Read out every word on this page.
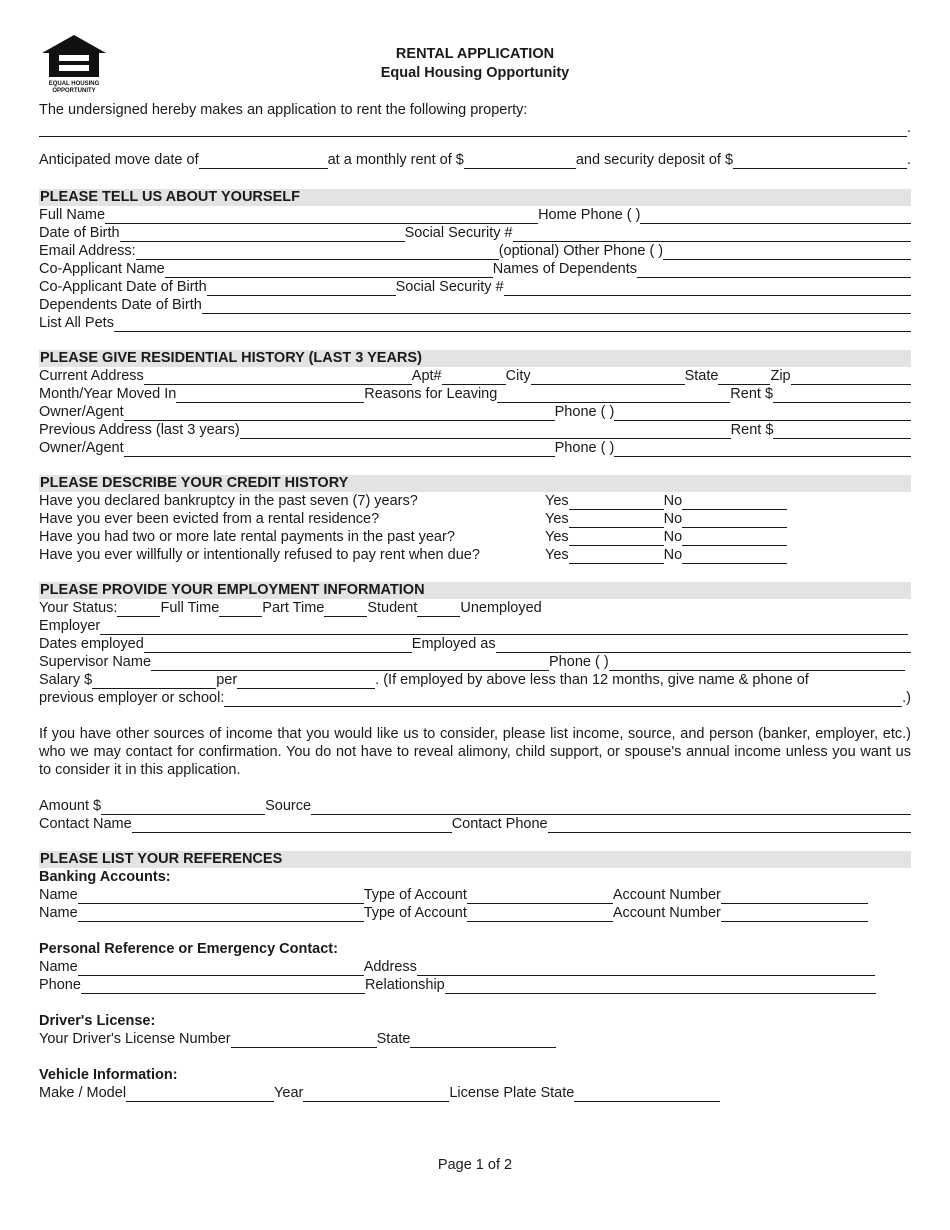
EQUAL HOUSING
OPPORTUNITY
RENTAL APPLICATION
Equal Housing Opportunity
The undersigned hereby makes an application to rent the following property:
.
Anticipated move date of	at a monthly rent of $	and security deposit of $	.
PLEASE TELL US ABOUT YOURSELF
Full Name	Home Phone ( )
Date of Birth	Social Security #
Email Address:	(optional) Other Phone ( )
Co-Applicant Name	Names of Dependents
Co-Applicant Date of Birth	Social Security #
Dependents Date of Birth
List All Pets
PLEASE GIVE RESIDENTIAL HISTORY (LAST 3 YEARS)
Current Address	Apt#	City	State	Zip
Month/Year Moved In	Reasons for Leaving	Rent $
Owner/Agent	Phone ( )
Previous Address (last 3 years)	Rent $
Owner/Agent	Phone ( )
PLEASE DESCRIBE YOUR CREDIT HISTORY
Have you declared bankruptcy in the past seven (7) years?	Yes	No
Have you ever been evicted from a rental residence?	Yes	No
Have you had two or more late rental payments in the past year?	Yes	No
Have you ever willfully or intentionally refused to pay rent when due?	Yes	No
PLEASE PROVIDE YOUR EMPLOYMENT INFORMATION
Your Status:	Full Time	Part Time	Student	Unemployed
Employer
Dates employed	Employed as
Supervisor Name	Phone ( )
Salary $	per	. (If employed by above less than 12 months, give name & phone of
previous employer or school:	.)
If you have other sources of income that you would like us to consider, please list income, source, and person (banker, employer, etc.) who we may contact for confirmation. You do not have to reveal alimony, child support, or spouse's annual income unless you want us to consider it in this application.
Amount $	Source
Contact Name	Contact Phone
PLEASE LIST YOUR REFERENCES
Banking Accounts:
Name	Type of Account	Account Number
Name	Type of Account	Account Number
Personal Reference or Emergency Contact:
Name	Address
Phone	Relationship
Driver's License:
Your Driver's License Number	State
Vehicle Information:
Make / Model	Year	License Plate State
Page 1 of 2
